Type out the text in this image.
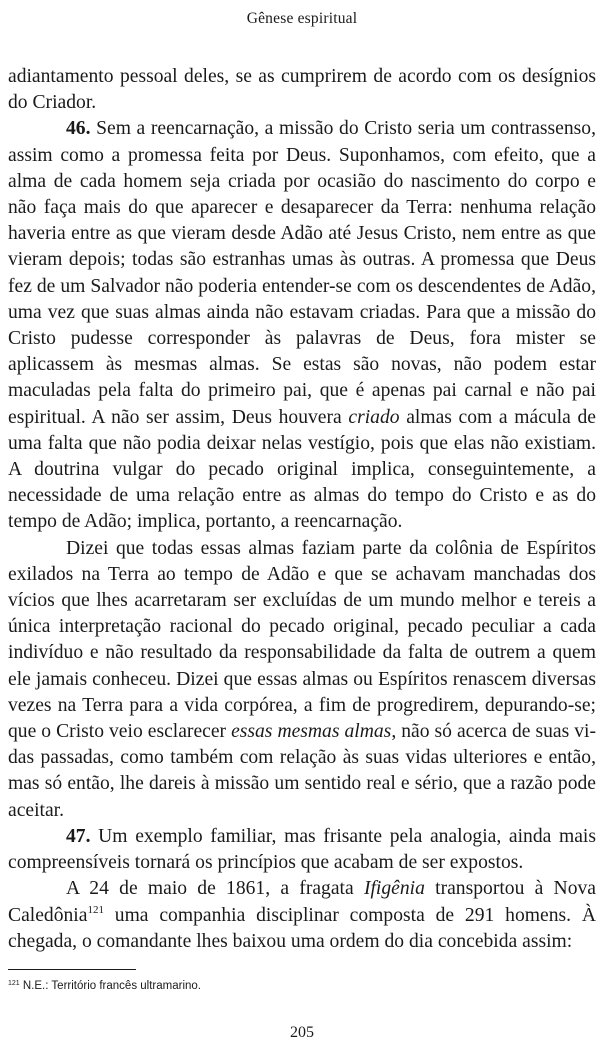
Gênese espiritual

adiantamento pessoal deles, se as cumprirem de acordo com os desígnios do Criador.

46. Sem a reencarnação, a missão do Cristo seria um contrassenso, assim como a promessa feita por Deus. Suponhamos, com efeito, que a alma de cada homem seja criada por ocasião do nascimento do corpo e não faça mais do que aparecer e desaparecer da Terra: nenhuma relação haveria entre as que vieram desde Adão até Jesus Cristo, nem entre as que vieram depois; todas são estranhas umas às outras. A promessa que Deus fez de um Salvador não poderia entender-se com os descendentes de Adão, uma vez que suas almas ainda não estavam criadas. Para que a missão do Cristo pudesse corresponder às palavras de Deus, fora mister se aplicassem às mesmas almas. Se estas são novas, não podem estar maculadas pela falta do primeiro pai, que é apenas pai carnal e não pai espiritual. A não ser assim, Deus houvera criado almas com a mácula de uma falta que não podia deixar nelas vestígio, pois que elas não existiam. A doutrina vulgar do pecado original implica, conseguintemente, a necessidade de uma relação entre as almas do tempo do Cristo e as do tempo de Adão; implica, portanto, a reencarnação.

Dizei que todas essas almas faziam parte da colônia de Espíritos exilados na Terra ao tempo de Adão e que se achavam manchadas dos vícios que lhes acarretaram ser excluídas de um mundo melhor e tereis a única interpretação racional do pecado original, pecado peculiar a cada indivíduo e não resultado da responsabilidade da falta de outrem a quem ele jamais conheceu. Dizei que essas almas ou Espíritos renascem diversas vezes na Terra para a vida corpórea, a fim de progredirem, depurando-se; que o Cristo veio esclarecer essas mesmas almas, não só acerca de suas vidas passadas, como também com relação às suas vidas ulteriores e então, mas só então, lhe dareis à missão um sentido real e sério, que a razão pode aceitar.

47. Um exemplo familiar, mas frisante pela analogia, ainda mais compreensíveis tornará os princípios que acabam de ser expostos.

A 24 de maio de 1861, a fragata Ifigênia transportou à Nova Caledônia$^{121}$ uma companhia disciplinar composta de 291 homens. À chegada, o comandante lhes baixou uma ordem do dia concebida assim:

$^{121}$ N.E.: Território francês ultramarino.
205
